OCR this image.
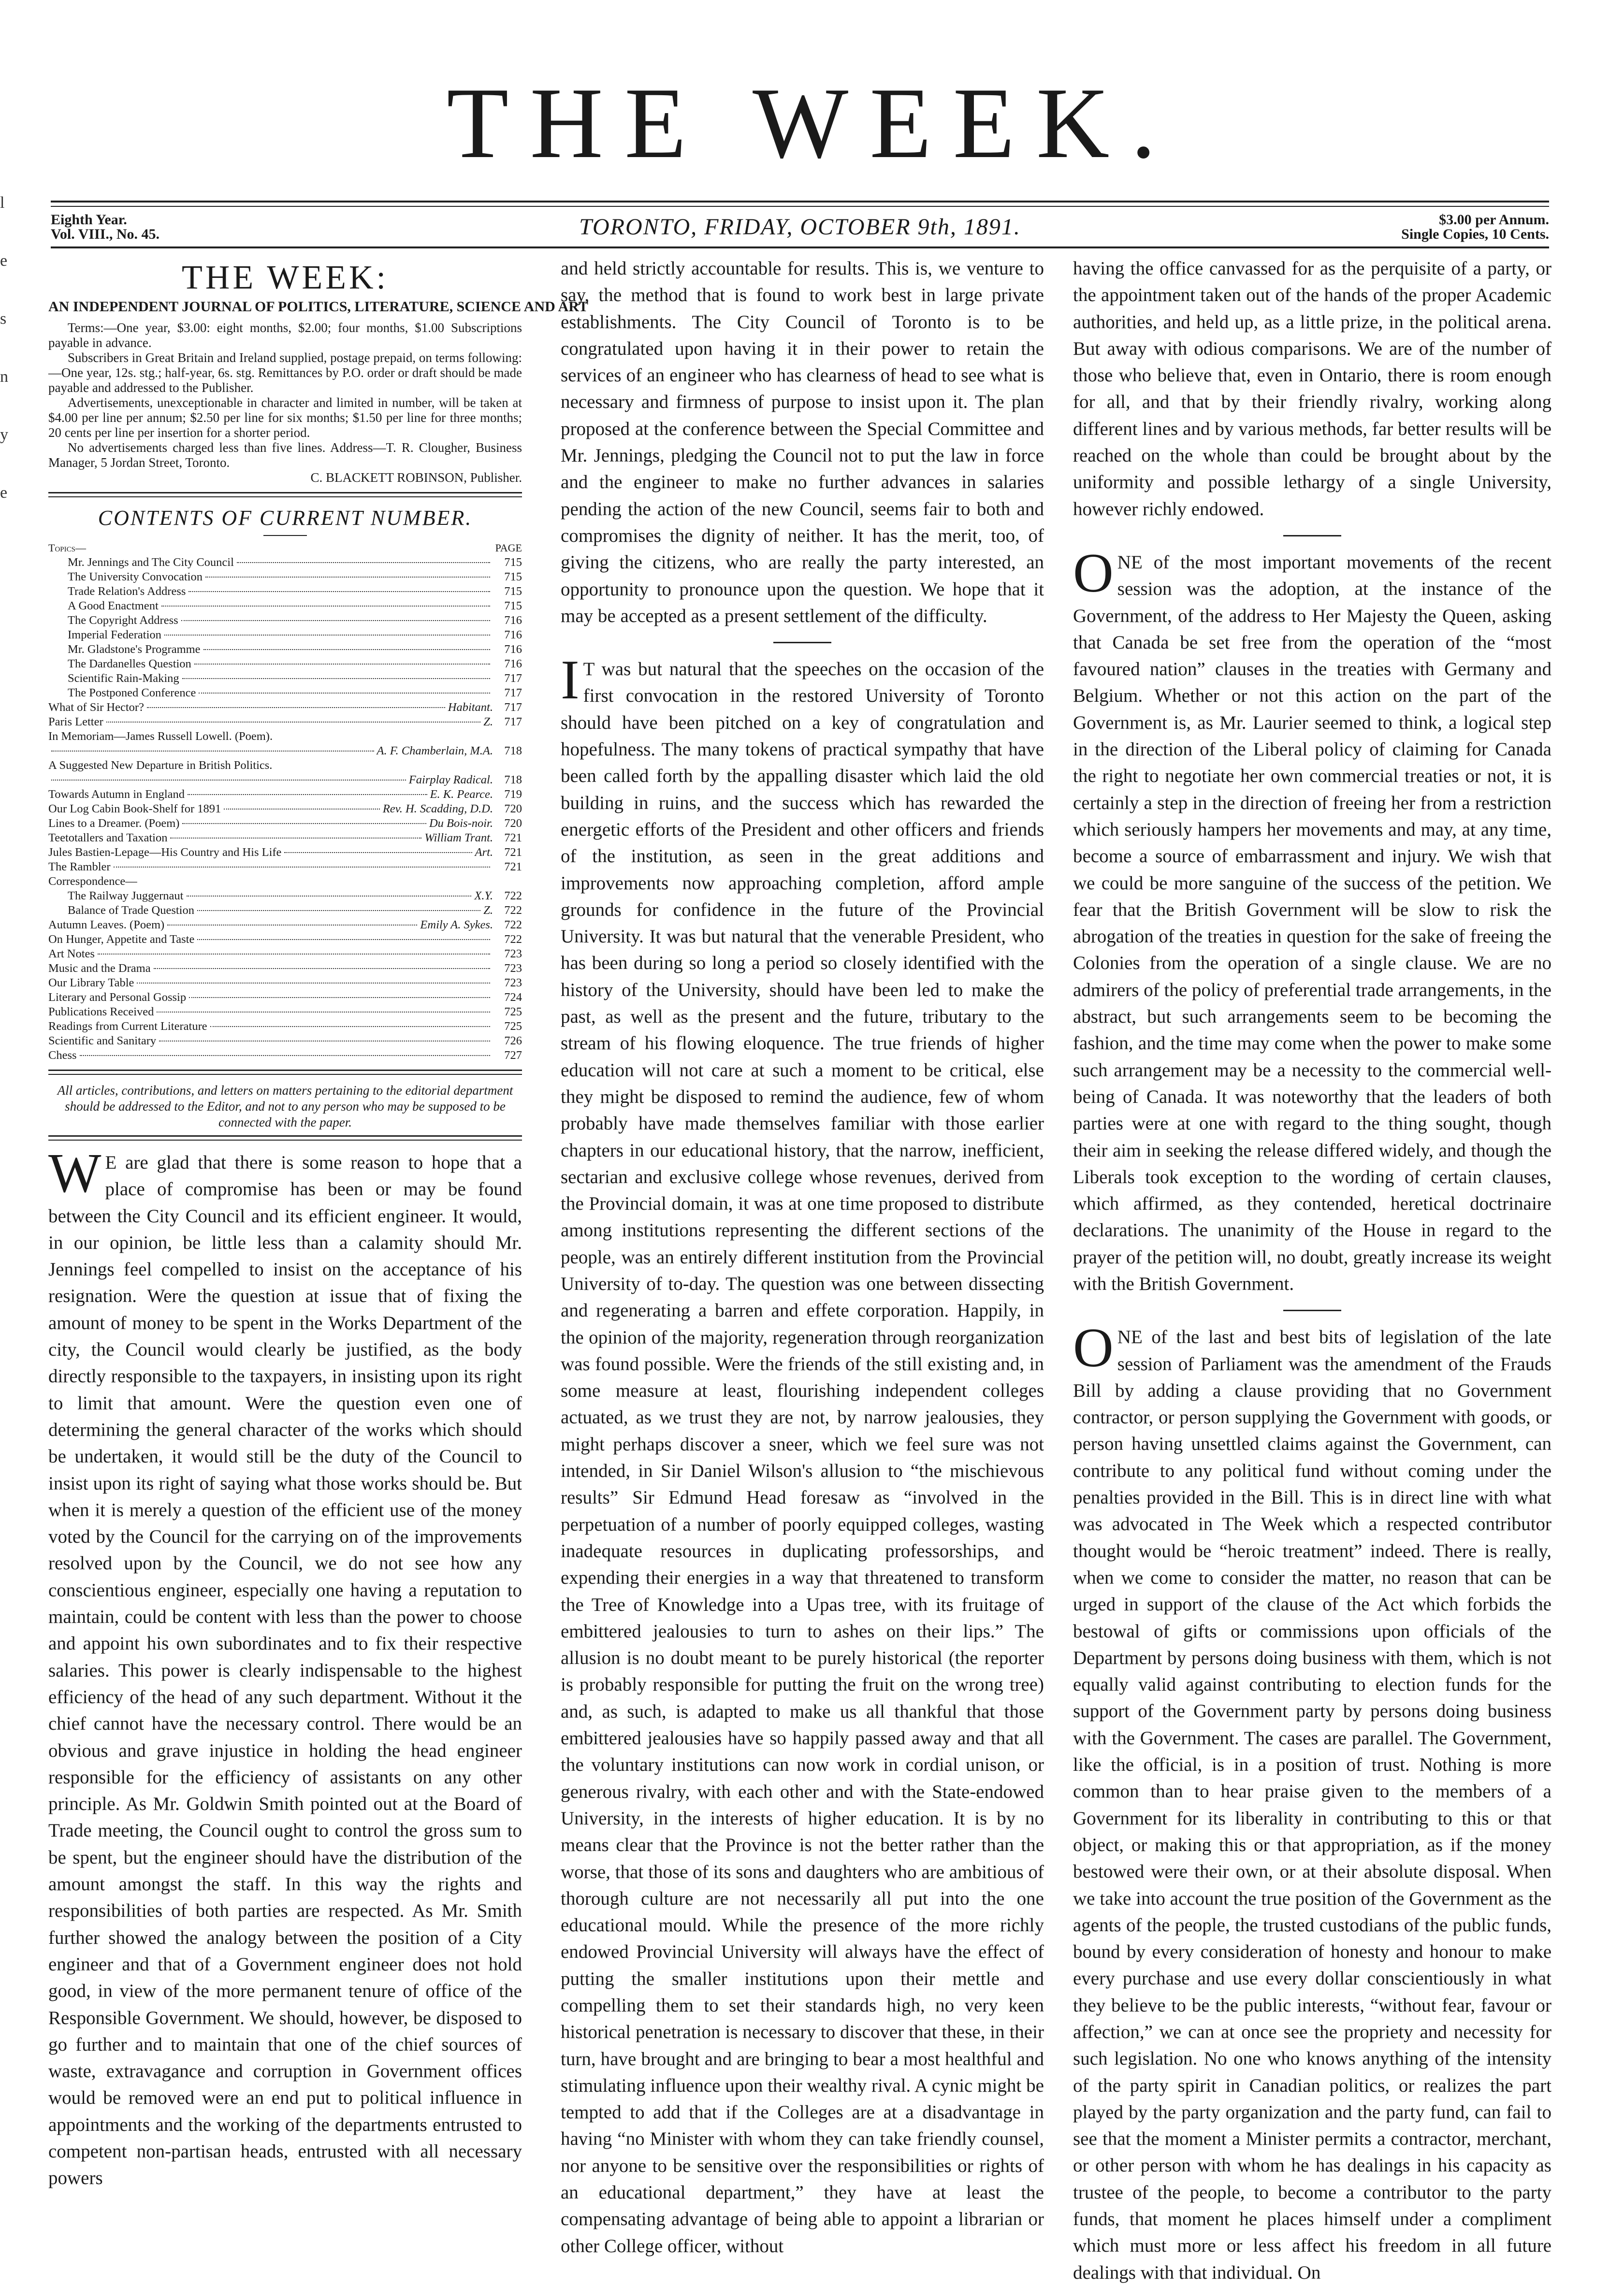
THE WEEK.
Eighth Year.
Vol. VIII., No. 45.	TORONTO, FRIDAY, OCTOBER 9th, 1891.	$3.00 per Annum.
Single Copies, 10 Cents.
l
e
s
n
y
e
THE WEEK:
AN INDEPENDENT JOURNAL OF POLITICS, LITERATURE, SCIENCE AND ART

Terms:—One year, $3.00: eight months, $2.00; four months, $1.00 Subscriptions payable in advance.

Subscribers in Great Britain and Ireland supplied, postage prepaid, on terms following:—One year, 12s. stg.; half-year, 6s. stg. Remittances by P.O. order or draft should be made payable and addressed to the Publisher.

Advertisements, unexceptionable in character and limited in number, will be taken at $4.00 per line per annum; $2.50 per line for six months; $1.50 per line for three months; 20 cents per line per insertion for a shorter period.

No advertisements charged less than five lines. Address—T. R. Clougher, Business Manager, 5 Jordan Street, Toronto.

C. BLACKETT ROBINSON, Publisher.

CONTENTS OF CURRENT NUMBER.
Topics—	PAGE
Mr. Jennings and The City Council	715
The University Convocation	715
Trade Relation's Address	715
A Good Enactment	715
The Copyright Address	716
Imperial Federation	716
Mr. Gladstone's Programme	716
The Dardanelles Question	716
Scientific Rain-Making	717
The Postponed Conference	717
What of Sir Hector?	Habitant. 717
Paris Letter	Z. 717
In Memoriam—James Russell Lowell. (Poem).
A. F. Chamberlain, M.A. 718
A Suggested New Departure in British Politics.
Fairplay Radical. 718
Towards Autumn in England	E. K. Pearce. 719
Our Log Cabin Book-Shelf for 1891	Rev. H. Scadding, D.D. 720
Lines to a Dreamer. (Poem)	Du Bois-noir. 720
Teetotallers and Taxation	William Trant. 721
Jules Bastien-Lepage—His Country and His Life	Art. 721
The Rambler	721
Correspondence—
The Railway Juggernaut	X.Y. 722
Balance of Trade Question	Z. 722
Autumn Leaves. (Poem)	Emily A. Sykes. 722
On Hunger, Appetite and Taste	722
Art Notes	723
Music and the Drama	723
Our Library Table	723
Literary and Personal Gossip	724
Publications Received	725
Readings from Current Literature	725
Scientific and Sanitary	726
Chess	727
All articles, contributions, and letters on matters pertaining to the editorial department should be addressed to the Editor, and not to any person who may be supposed to be connected with the paper.

W E are glad that there is some reason to hope that a place of compromise has been or may be found between the City Council and its efficient engineer. It would, in our opinion, be little less than a calamity should Mr. Jennings feel compelled to insist on the acceptance of his resignation. Were the question at issue that of fixing the amount of money to be spent in the Works Department of the city, the Council would clearly be justified, as the body directly responsible to the taxpayers, in insisting upon its right to limit that amount. Were the question even one of determining the general character of the works which should be undertaken, it would still be the duty of the Council to insist upon its right of saying what those works should be. But when it is merely a question of the efficient use of the money voted by the Council for the carrying on of the improvements resolved upon by the Council, we do not see how any conscientious engineer, especially one having a reputation to maintain, could be content with less than the power to choose and appoint his own subordinates and to fix their respective salaries. This power is clearly indispensable to the highest efficiency of the head of any such department. Without it the chief cannot have the necessary control. There would be an obvious and grave injustice in holding the head engineer responsible for the efficiency of assistants on any other principle. As Mr. Goldwin Smith pointed out at the Board of Trade meeting, the Council ought to control the gross sum to be spent, but the engineer should have the distribution of the amount amongst the staff. In this way the rights and responsibilities of both parties are respected. As Mr. Smith further showed the analogy between the position of a City engineer and that of a Government engineer does not hold good, in view of the more permanent tenure of office of the Responsible Government. We should, however, be disposed to go further and to maintain that one of the chief sources of waste, extravagance and corruption in Government offices would be removed were an end put to political influence in appointments and the working of the departments entrusted to competent non-partisan heads, entrusted with all necessary powers

and held strictly accountable for results. This is, we venture to say, the method that is found to work best in large private establishments. The City Council of Toronto is to be congratulated upon having it in their power to retain the services of an engineer who has clearness of head to see what is necessary and firmness of purpose to insist upon it. The plan proposed at the conference between the Special Committee and Mr. Jennings, pledging the Council not to put the law in force and the engineer to make no further advances in salaries pending the action of the new Council, seems fair to both and compromises the dignity of neither. It has the merit, too, of giving the citizens, who are really the party interested, an opportunity to pronounce upon the question. We hope that it may be accepted as a present settlement of the difficulty.

I T was but natural that the speeches on the occasion of the first convocation in the restored University of Toronto should have been pitched on a key of congratulation and hopefulness. The many tokens of practical sympathy that have been called forth by the appalling disaster which laid the old building in ruins, and the success which has rewarded the energetic efforts of the President and other officers and friends of the institution, as seen in the great additions and improvements now approaching completion, afford ample grounds for confidence in the future of the Provincial University. It was but natural that the venerable President, who has been during so long a period so closely identified with the history of the University, should have been led to make the past, as well as the present and the future, tributary to the stream of his flowing eloquence. The true friends of higher education will not care at such a moment to be critical, else they might be disposed to remind the audience, few of whom probably have made themselves familiar with those earlier chapters in our educational history, that the narrow, inefficient, sectarian and exclusive college whose revenues, derived from the Provincial domain, it was at one time proposed to distribute among institutions representing the different sections of the people, was an entirely different institution from the Provincial University of to-day. The question was one between dissecting and regenerating a barren and effete corporation. Happily, in the opinion of the majority, regeneration through reorganization was found possible. Were the friends of the still existing and, in some measure at least, flourishing independent colleges actuated, as we trust they are not, by narrow jealousies, they might perhaps discover a sneer, which we feel sure was not intended, in Sir Daniel Wilson's allusion to “the mischievous results” Sir Edmund Head foresaw as “involved in the perpetuation of a number of poorly equipped colleges, wasting inadequate resources in duplicating professorships, and expending their energies in a way that threatened to transform the Tree of Knowledge into a Upas tree, with its fruitage of embittered jealousies to turn to ashes on their lips.” The allusion is no doubt meant to be purely historical (the reporter is probably responsible for putting the fruit on the wrong tree) and, as such, is adapted to make us all thankful that those embittered jealousies have so happily passed away and that all the voluntary institutions can now work in cordial unison, or generous rivalry, with each other and with the State-endowed University, in the interests of higher education. It is by no means clear that the Province is not the better rather than the worse, that those of its sons and daughters who are ambitious of thorough culture are not necessarily all put into the one educational mould. While the presence of the more richly endowed Provincial University will always have the effect of putting the smaller institutions upon their mettle and compelling them to set their standards high, no very keen historical penetration is necessary to discover that these, in their turn, have brought and are bringing to bear a most healthful and stimulating influence upon their wealthy rival. A cynic might be tempted to add that if the Colleges are at a disadvantage in having “no Minister with whom they can take friendly counsel, nor anyone to be sensitive over the responsibilities or rights of an educational department,” they have at least the compensating advantage of being able to appoint a librarian or other College officer, without

having the office canvassed for as the perquisite of a party, or the appointment taken out of the hands of the proper Academic authorities, and held up, as a little prize, in the political arena. But away with odious comparisons. We are of the number of those who believe that, even in Ontario, there is room enough for all, and that by their friendly rivalry, working along different lines and by various methods, far better results will be reached on the whole than could be brought about by the uniformity and possible lethargy of a single University, however richly endowed.

ONE of the most important movements of the recent session was the adoption, at the instance of the Government, of the address to Her Majesty the Queen, asking that Canada be set free from the operation of the “most favoured nation” clauses in the treaties with Germany and Belgium. Whether or not this action on the part of the Government is, as Mr. Laurier seemed to think, a logical step in the direction of the Liberal policy of claiming for Canada the right to negotiate her own commercial treaties or not, it is certainly a step in the direction of freeing her from a restriction which seriously hampers her movements and may, at any time, become a source of embarrassment and injury. We wish that we could be more sanguine of the success of the petition. We fear that the British Government will be slow to risk the abrogation of the treaties in question for the sake of freeing the Colonies from the operation of a single clause. We are no admirers of the policy of preferential trade arrangements, in the abstract, but such arrangements seem to be becoming the fashion, and the time may come when the power to make some such arrangement may be a necessity to the commercial well-being of Canada. It was noteworthy that the leaders of both parties were at one with regard to the thing sought, though their aim in seeking the release differed widely, and though the Liberals took exception to the wording of certain clauses, which affirmed, as they contended, heretical doctrinaire declarations. The unanimity of the House in regard to the prayer of the petition will, no doubt, greatly increase its weight with the British Government.

ONE of the last and best bits of legislation of the late session of Parliament was the amendment of the Frauds Bill by adding a clause providing that no Government contractor, or person supplying the Government with goods, or person having unsettled claims against the Government, can contribute to any political fund without coming under the penalties provided in the Bill. This is in direct line with what was advocated in The Week which a respected contributor thought would be “heroic treatment” indeed. There is really, when we come to consider the matter, no reason that can be urged in support of the clause of the Act which forbids the bestowal of gifts or commissions upon officials of the Department by persons doing business with them, which is not equally valid against contributing to election funds for the support of the Government party by persons doing business with the Government. The cases are parallel. The Government, like the official, is in a position of trust. Nothing is more common than to hear praise given to the members of a Government for its liberality in contributing to this or that object, or making this or that appropriation, as if the money bestowed were their own, or at their absolute disposal. When we take into account the true position of the Government as the agents of the people, the trusted custodians of the public funds, bound by every consideration of honesty and honour to make every purchase and use every dollar conscientiously in what they believe to be the public interests, “without fear, favour or affection,” we can at once see the propriety and necessity for such legislation. No one who knows anything of the intensity of the party spirit in Canadian politics, or realizes the part played by the party organization and the party fund, can fail to see that the moment a Minister permits a contractor, merchant, or other person with whom he has dealings in his capacity as trustee of the people, to become a contributor to the party funds, that moment he places himself under a compliment which must more or less affect his freedom in all future dealings with that individual. On
